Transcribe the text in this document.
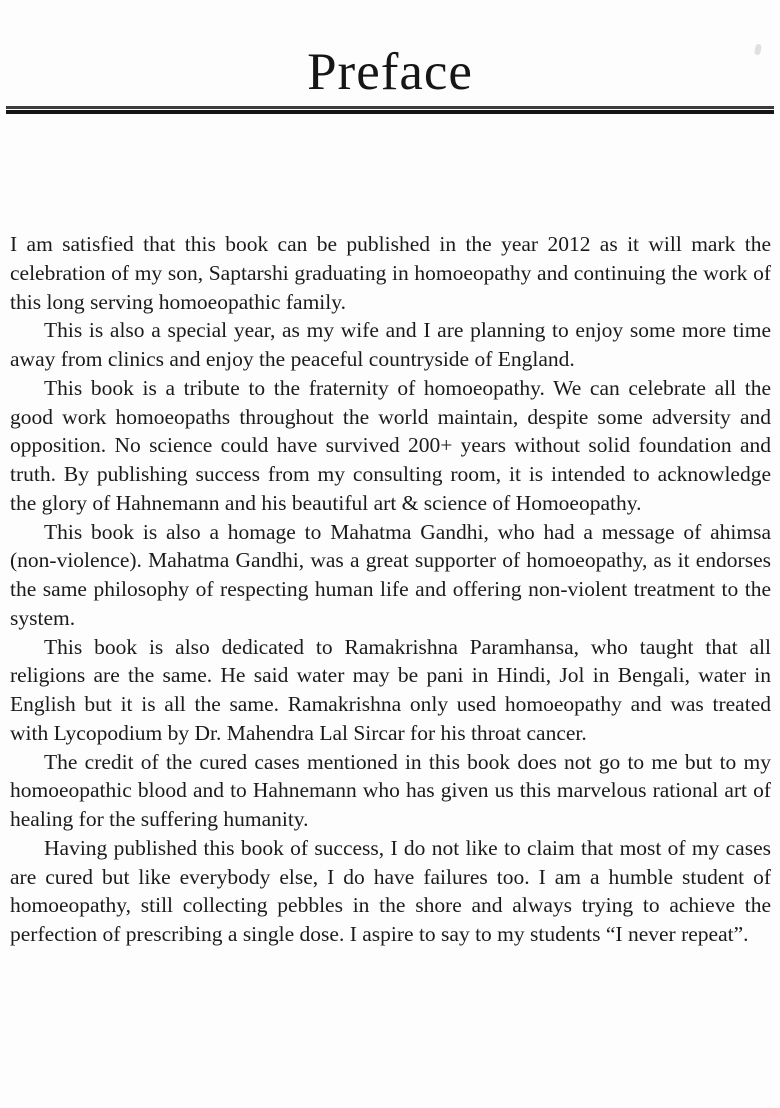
Preface

I am satisfied that this book can be published in the year 2012 as it will mark the celebration of my son, Saptarshi graduating in homoeopathy and continuing the work of this long serving homoeopathic family.

This is also a special year, as my wife and I are planning to enjoy some more time away from clinics and enjoy the peaceful countryside of England.

This book is a tribute to the fraternity of homoeopathy. We can celebrate all the good work homoeopaths throughout the world maintain, despite some adversity and opposition. No science could have survived 200+ years without solid foundation and truth. By publishing success from my consulting room, it is intended to acknowledge the glory of Hahnemann and his beautiful art & science of Homoeopathy.

This book is also a homage to Mahatma Gandhi, who had a message of ahimsa (non-violence). Mahatma Gandhi, was a great supporter of homoeopathy, as it endorses the same philosophy of respecting human life and offering non-violent treatment to the system.

This book is also dedicated to Ramakrishna Paramhansa, who taught that all religions are the same. He said water may be pani in Hindi, Jol in Bengali, water in English but it is all the same. Ramakrishna only used homoeopathy and was treated with Lycopodium by Dr. Mahendra Lal Sircar for his throat cancer.

The credit of the cured cases mentioned in this book does not go to me but to my homoeopathic blood and to Hahnemann who has given us this marvelous rational art of healing for the suffering humanity.

Having published this book of success, I do not like to claim that most of my cases are cured but like everybody else, I do have failures too. I am a humble student of homoeopathy, still collecting pebbles in the shore and always trying to achieve the perfection of prescribing a single dose. I aspire to say to my students “I never repeat”.
